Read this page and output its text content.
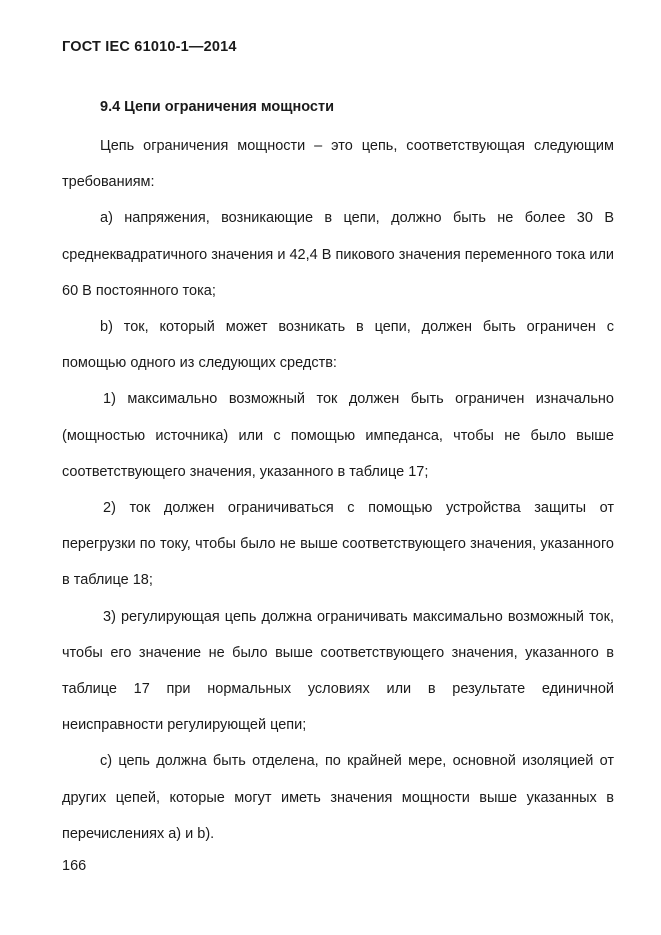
ГОСТ IEC 61010-1—2014
9.4 Цепи ограничения мощности

Цепь ограничения мощности – это цепь, соответствующая следующим требованиям:

а) напряжения, возникающие в цепи, должно быть не более 30 В среднеквадратичного значения и 42,4 В пикового значения переменного тока или 60 В постоянного тока;

b) ток, который может возникать в цепи, должен быть ограничен с помощью одного из следующих средств:

1) максимально возможный ток должен быть ограничен изначально (мощностью источника) или с помощью импеданса, чтобы не было выше соответствующего значения, указанного в таблице 17;

2) ток должен ограничиваться с помощью устройства защиты от перегрузки по току, чтобы было не выше соответствующего значения, указанного в таблице 18;

3) регулирующая цепь должна ограничивать максимально возможный ток, чтобы его значение не было выше соответствующего значения, указанного в таблице 17 при нормальных условиях или в результате единичной неисправности регулирующей цепи;

с) цепь должна быть отделена, по крайней мере, основной изоляцией от других цепей, которые могут иметь значения мощности выше указанных в перечислениях а) и b).

166
